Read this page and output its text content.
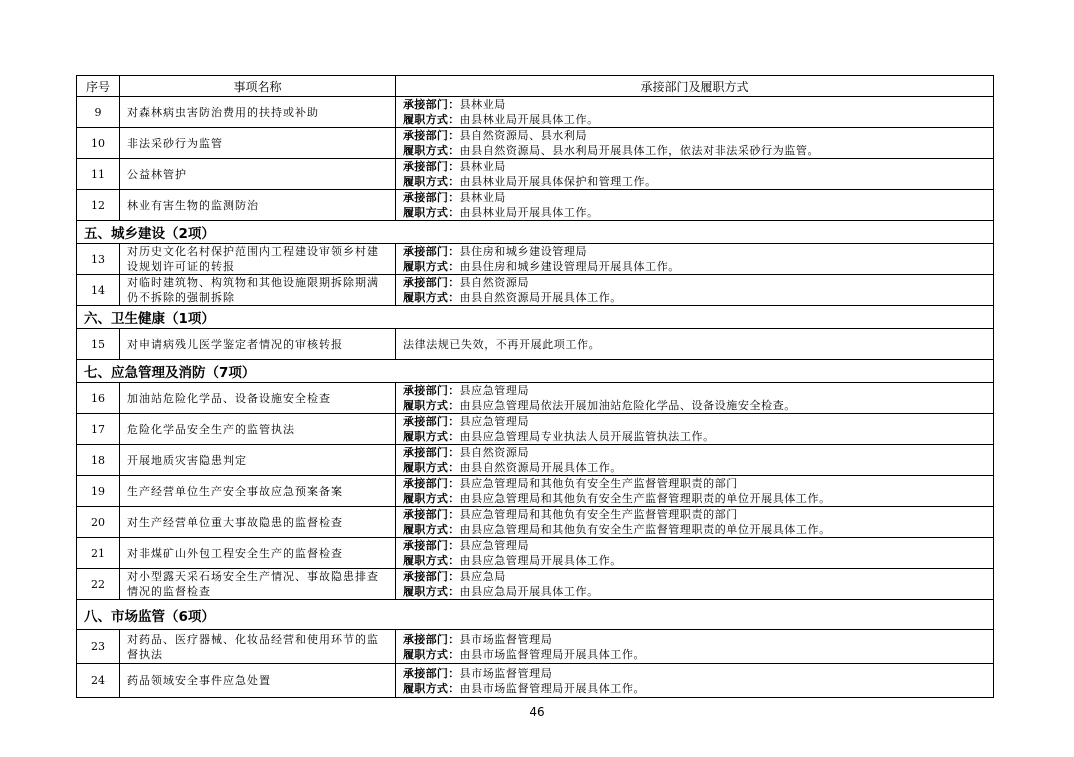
序号	事项名称	承接部门及履职方式
9	对森林病虫害防治费用的扶持或补助	承接部门：县林业局
履职方式：由县林业局开展具体工作。

10	非法采砂行为监管	承接部门：县自然资源局、县水利局
履职方式：由县自然资源局、县水利局开展具体工作，依法对非法采砂行为监管。

11	公益林管护	承接部门：县林业局
履职方式：由县林业局开展具体保护和管理工作。

12	林业有害生物的监测防治	承接部门：县林业局
履职方式：由县林业局开展具体工作。

五、城乡建设（2项）		
13	对历史文化名村保护范围内工程建设审领乡村建设规划许可证的转报	承接部门：县住房和城乡建设管理局
履职方式：由县住房和城乡建设管理局开展具体工作。

14	对临时建筑物、构筑物和其他设施限期拆除期满仍不拆除的强制拆除	承接部门：县自然资源局
履职方式：由县自然资源局开展具体工作。

六、卫生健康（1项）		
15	对申请病残儿医学鉴定者情况的审核转报	法律法规已失效，不再开展此项工作。
七、应急管理及消防（7项）		
16	加油站危险化学品、设备设施安全检查	承接部门：县应急管理局
履职方式：由县应急管理局依法开展加油站危险化学品、设备设施安全检查。

17	危险化学品安全生产的监管执法	承接部门：县应急管理局
履职方式：由县应急管理局专业执法人员开展监管执法工作。

18	开展地质灾害隐患判定	承接部门：县自然资源局
履职方式：由县自然资源局开展具体工作。

19	生产经营单位生产安全事故应急预案备案	承接部门：县应急管理局和其他负有安全生产监督管理职责的部门
履职方式：由县应急管理局和其他负有安全生产监督管理职责的单位开展具体工作。

20	对生产经营单位重大事故隐患的监督检查	承接部门：县应急管理局和其他负有安全生产监督管理职责的部门
履职方式：由县应急管理局和其他负有安全生产监督管理职责的单位开展具体工作。

21	对非煤矿山外包工程安全生产的监督检查	承接部门：县应急管理局
履职方式：由县应急管理局开展具体工作。

22	对小型露天采石场安全生产情况、事故隐患排查情况的监督检查	承接部门：县应急局
履职方式：由县应急局开展具体工作。

八、市场监管（6项）		
23	对药品、医疗器械、化妆品经营和使用环节的监督执法	承接部门：县市场监督管理局
履职方式：由县市场监督管理局开展具体工作。

24	药品领域安全事件应急处置	承接部门：县市场监督管理局
履职方式：由县市场监督管理局开展具体工作。
46
